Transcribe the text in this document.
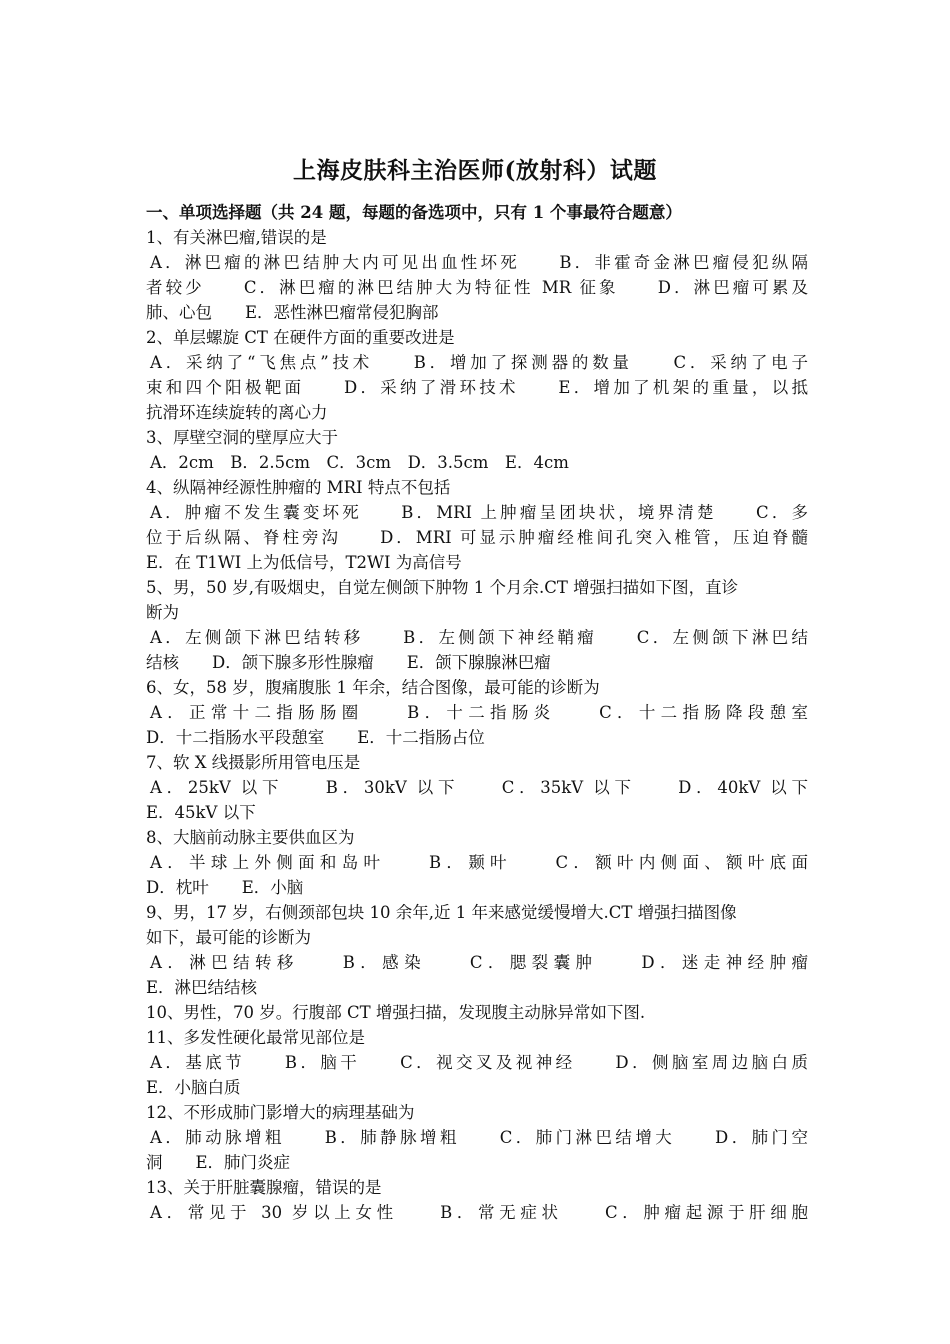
上海皮肤科主治医师(放射科）试题
一、单项选择题（共 24 题，每题的备选项中，只有 1 个事最符合题意）
1、有关淋巴瘤,错误的是
A．淋巴瘤的淋巴结肿大内可见出血性坏死　　B．非霍奇金淋巴瘤侵犯纵隔
者较少　　C．淋巴瘤的淋巴结肿大为特征性 MR 征象　　D．淋巴瘤可累及
肺、心包　　E．恶性淋巴瘤常侵犯胸部
2、单层螺旋 CT 在硬件方面的重要改进是
A．采纳了“飞焦点”技术　　B．增加了探测器的数量　　C．采纳了电子
束和四个阳极靶面　　D．采纳了滑环技术　　E．增加了机架的重量，以抵
抗滑环连续旋转的离心力
3、厚壁空洞的壁厚应大于
A．2cm　B．2.5cm　C．3cm　D．3.5cm　E．4cm
4、纵隔神经源性肿瘤的 MRI 特点不包括
A．肿瘤不发生囊变坏死　　B．MRI 上肿瘤呈团块状，境界清楚　　C．多
位于后纵隔、脊柱旁沟　　D．MRI 可显示肿瘤经椎间孔突入椎管，压迫脊髓
E．在 T1WI 上为低信号，T2WI 为高信号
5、男，50 岁,有吸烟史，自觉左侧颌下肿物 1 个月余.CT 增强扫描如下图，直诊
断为
A．左侧颌下淋巴结转移　　B．左侧颌下神经鞘瘤　　C．左侧颌下淋巴结
结核　　D．颌下腺多形性腺瘤　　E．颌下腺腺淋巴瘤
6、女，58 岁，腹痛腹胀 1 年余，结合图像，最可能的诊断为
A．正常十二指肠肠圈　　B．十二指肠炎　　C．十二指肠降段憩室
D．十二指肠水平段憩室　　E．十二指肠占位
7、软 X 线摄影所用管电压是
A．25kV 以下　　B．30kV 以下　　C．35kV 以下　　D．40kV 以下
E．45kV 以下
8、大脑前动脉主要供血区为
A．半球上外侧面和岛叶　　B．颞叶　　C．额叶内侧面、额叶底面
D．枕叶　　E．小脑
9、男，17 岁，右侧颈部包块 10 余年,近 1 年来感觉缓慢增大.CT 增强扫描图像
如下，最可能的诊断为
A．淋巴结转移　　B．感染　　C．腮裂囊肿　　D．迷走神经肿瘤
E．淋巴结结核
10、男性，70 岁。行腹部 CT 增强扫描，发现腹主动脉异常如下图.
11、多发性硬化最常见部位是
A．基底节　　B．脑干　　C．视交叉及视神经　　D．侧脑室周边脑白质
E．小脑白质
12、不形成肺门影增大的病理基础为
A．肺动脉增粗　　B．肺静脉增粗　　C．肺门淋巴结增大　　D．肺门空
洞　　E．肺门炎症
13、关于肝脏囊腺瘤，错误的是
A．常见于 30 岁以上女性　　B．常无症状　　C．肿瘤起源于肝细胞
